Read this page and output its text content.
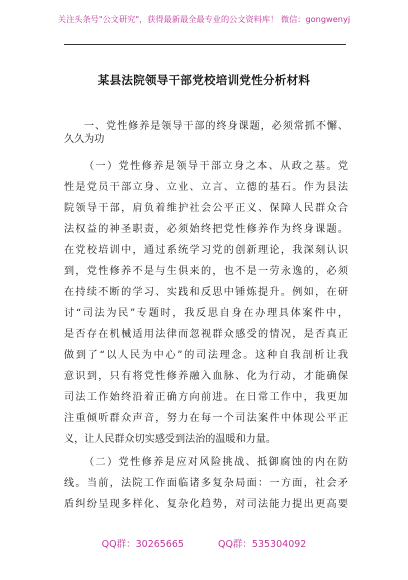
关注头条号"公文研究"，获得最新最全最专业的公文资料库！ 微信：gongwenyj
某县法院领导干部党校培训党性分析材料
一、党性修养是领导干部的终身课题，必须常抓不懈、
久久为功
（一）党性修养是领导干部立身之本、从政之基。党
性是党员干部立身、立业、立言、立德的基石。作为县法
院领导干部，肩负着维护社会公平正义、保障人民群众合
法权益的神圣职责，必须始终把党性修养作为终身课题。
在党校培训中，通过系统学习党的创新理论，我深刻认识
到，党性修养不是与生俱来的，也不是一劳永逸的，必须
在持续不断的学习、实践和反思中锤炼提升。例如，在研
讨“司法为民”专题时，我反思自身在办理具体案件中，
是否存在机械适用法律而忽视群众感受的情况，是否真正
做到了“以人民为中心”的司法理念。这种自我剖析让我
意识到，只有将党性修养融入血脉、化为行动，才能确保
司法工作始终沿着正确方向前进。在日常工作中，我更加
注重倾听群众声音，努力在每一个司法案件中体现公平正
义，让人民群众切实感受到法治的温暖和力量。
（二）党性修养是应对风险挑战、抵御腐蚀的内在防
线。当前，法院工作面临诸多复杂局面：一方面，社会矛
盾纠纷呈现多样化、复杂化趋势，对司法能力提出更高要
QQ群：30265665	QQ群：535304092
